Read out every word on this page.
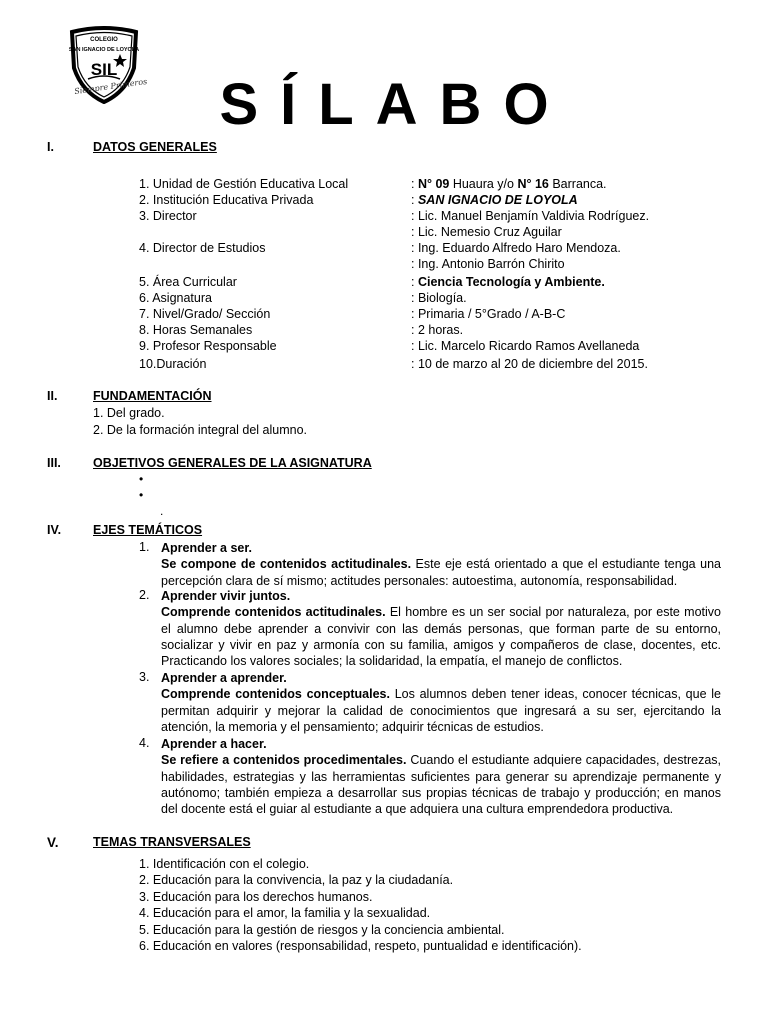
COLEGIO
SAN IGNACIO DE LOYOLA
SIL
Siempre Primeros	SÍLABO
I.	DATOS GENERALES
1. Unidad de Gestión Educativa Local	: N° 09 Huaura y/o N° 16 Barranca.
2. Institución Educativa Privada	: SAN IGNACIO DE LOYOLA
3. Director	: Lic. Manuel Benjamín Valdivia Rodríguez.
: Lic. Nemesio Cruz Aguilar
4. Director de Estudios	: Ing. Eduardo Alfredo Haro Mendoza.
: Ing. Antonio Barrón Chirito
5. Área Curricular	: Ciencia Tecnología y Ambiente.
6. Asignatura	: Biología.
7. Nivel/Grado/ Sección	: Primaria / 5°Grado / A-B-C
8. Horas Semanales	: 2 horas.
9. Profesor Responsable	: Lic. Marcelo Ricardo Ramos Avellaneda
10.Duración	: 10 de marzo al 20 de diciembre del 2015.
II.	FUNDAMENTACIÓN
1. Del grado.
2. De la formación integral del alumno.
III.	OBJETIVOS GENERALES DE LA ASIGNATURA
•
•
.
IV.	EJES TEMÁTICOS
1. Aprender a ser.
Se compone de contenidos actitudinales. Este eje está orientado a que el estudiante tenga una percepción clara de sí mismo; actitudes personales: autoestima, autonomía, responsabilidad.
2. Aprender vivir juntos.
Comprende contenidos actitudinales. El hombre es un ser social por naturaleza, por este motivo el alumno debe aprender a convivir con las demás personas, que forman parte de su entorno, socializar y vivir en paz y armonía con su familia, amigos y compañeros de clase, docentes, etc. Practicando los valores sociales; la solidaridad, la empatía, el manejo de conflictos.
3. Aprender a aprender.
Comprende contenidos conceptuales. Los alumnos deben tener ideas, conocer técnicas, que le permitan adquirir y mejorar la calidad de conocimientos que ingresará a su ser, ejercitando la atención, la memoria y el pensamiento; adquirir técnicas de estudios.
4. Aprender a hacer.
Se refiere a contenidos procedimentales. Cuando el estudiante adquiere capacidades, destrezas, habilidades, estrategias y las herramientas suficientes para generar su aprendizaje permanente y autónomo; también empieza a desarrollar sus propias técnicas de trabajo y producción; en manos del docente está el guiar al estudiante a que adquiera una cultura emprendedora productiva.
V.	TEMAS TRANSVERSALES
1. Identificación con el colegio.
2. Educación para la convivencia, la paz y la ciudadanía.
3. Educación para los derechos humanos.
4. Educación para el amor, la familia y la sexualidad.
5. Educación para la gestión de riesgos y la conciencia ambiental.
6. Educación en valores (responsabilidad, respeto, puntualidad e identificación).
